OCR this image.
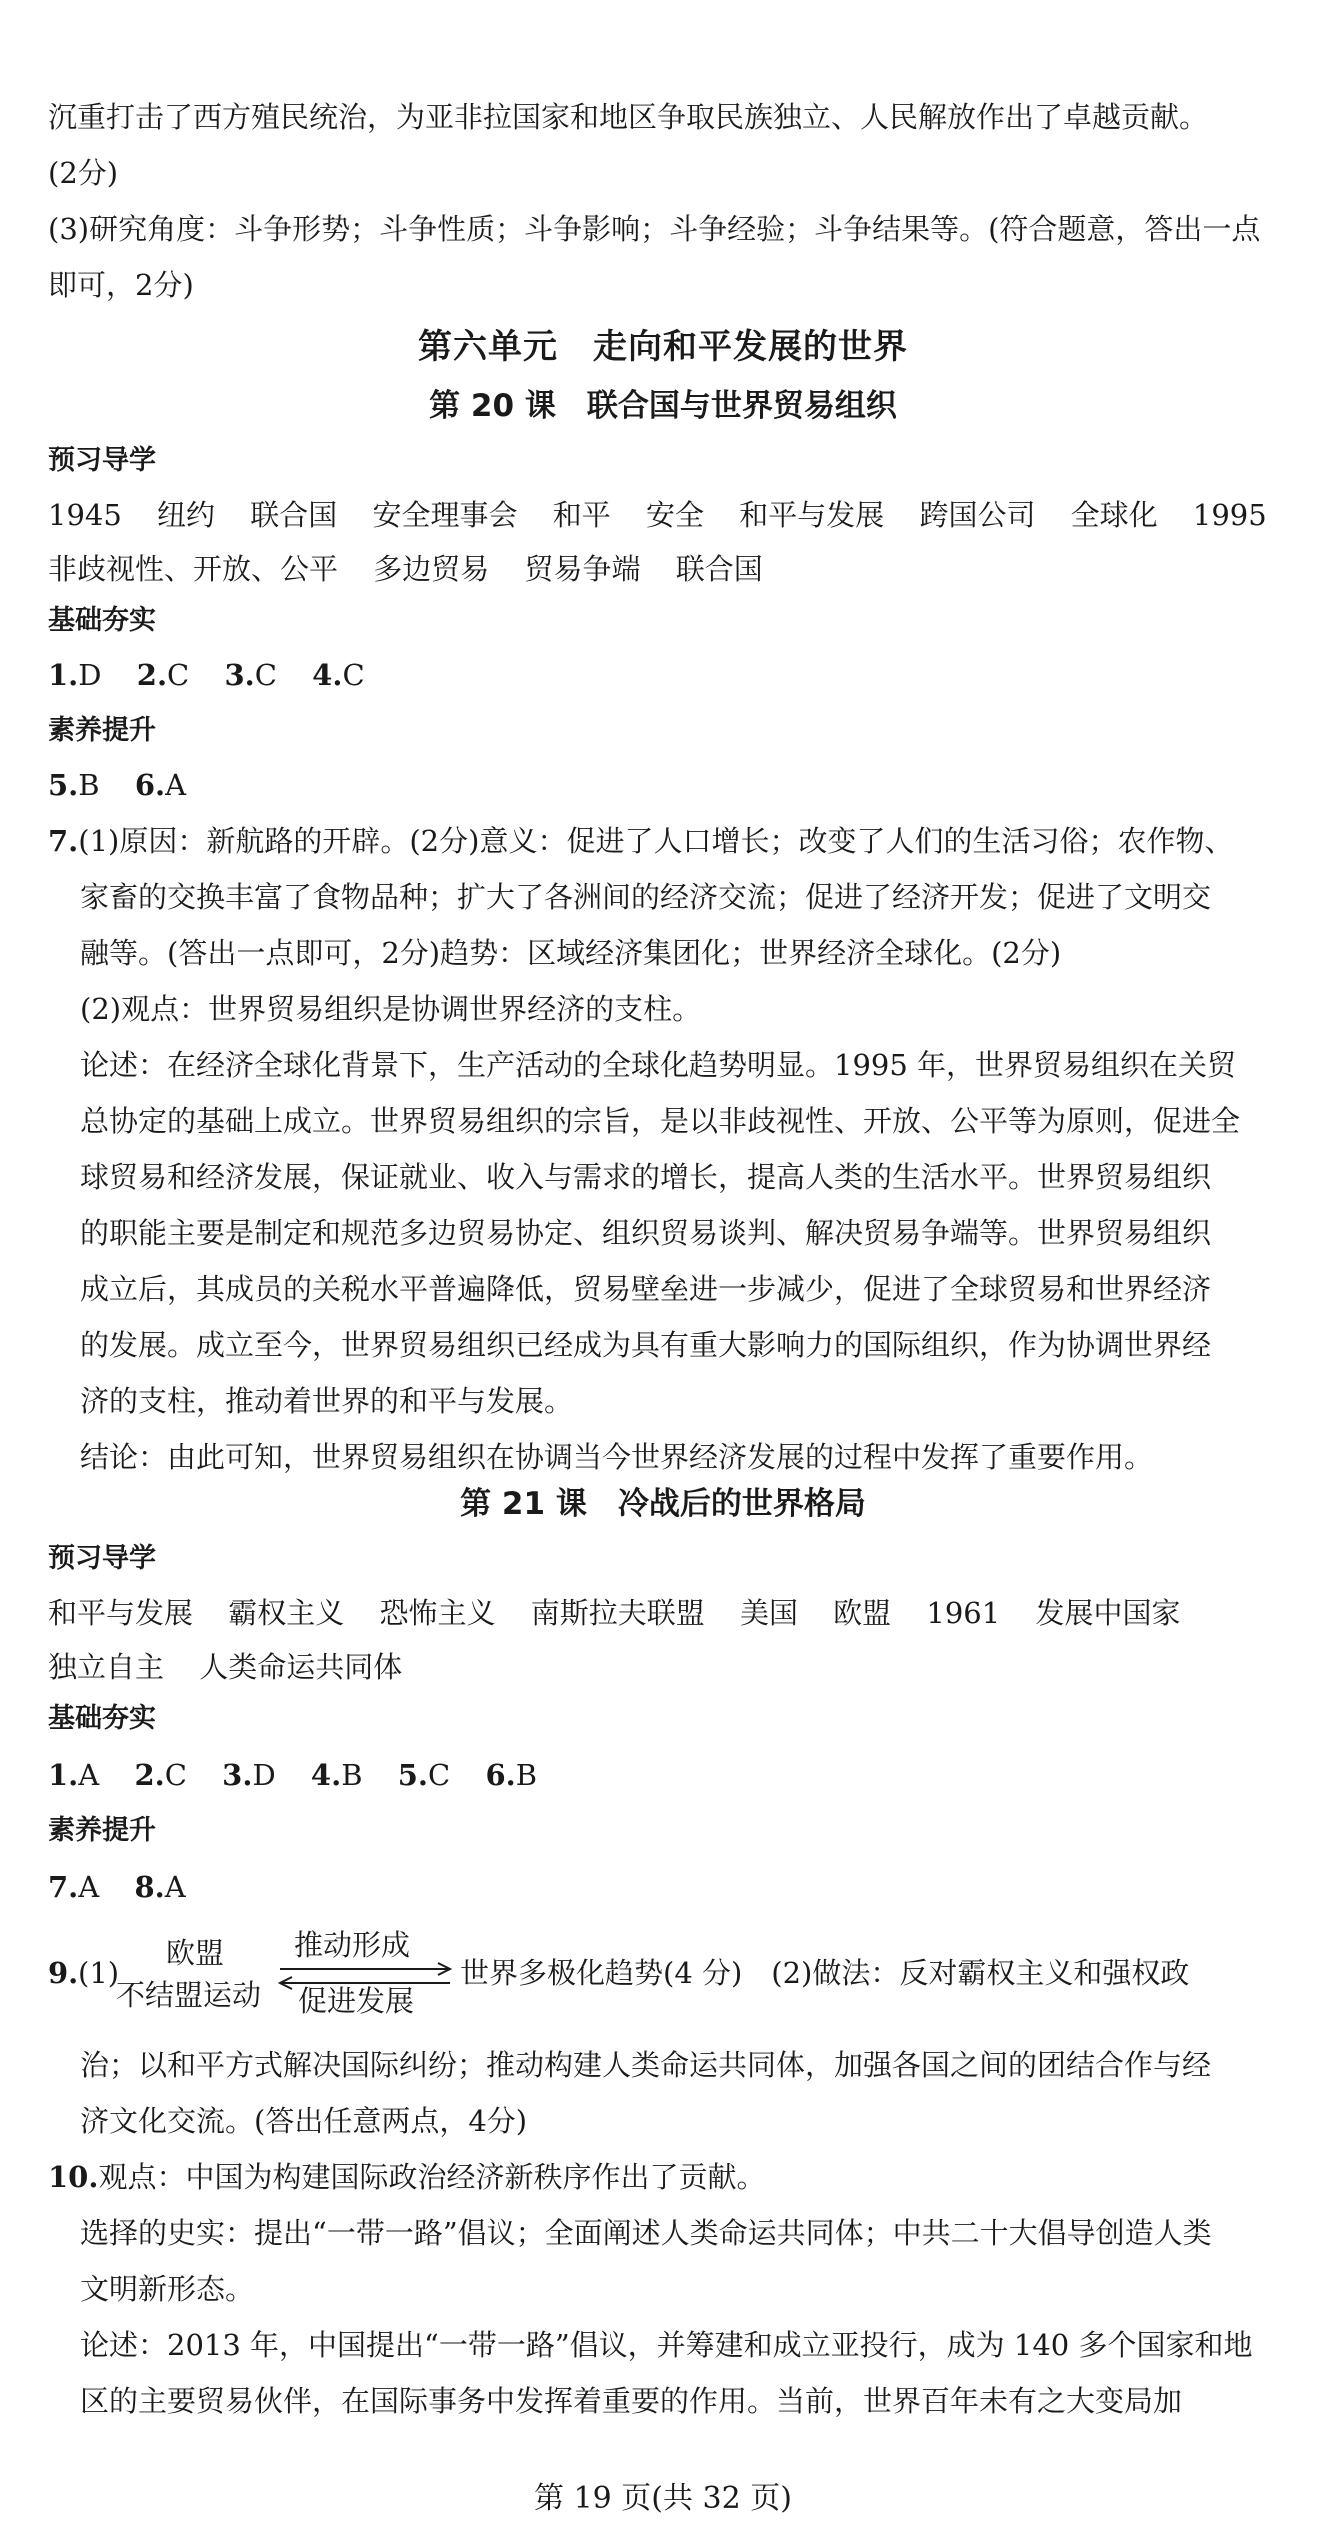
沉重打击了西方殖民统治，为亚非拉国家和地区争取民族独立、人民解放作出了卓越贡献。
(2分)
(3)研究角度：斗争形势；斗争性质；斗争影响；斗争经验；斗争结果等。(符合题意，答出一点
即可，2分)
第六单元　走向和平发展的世界
第 20 课　联合国与世界贸易组织
预习导学
1945 纽约 联合国 安全理事会 和平 安全 和平与发展 跨国公司 全球化 1995
非歧视性、开放、公平 多边贸易 贸易争端 联合国
基础夯实
1.D 2.C 3.C 4.C
素养提升
5.B 6.A
7.(1)原因：新航路的开辟。(2分)意义：促进了人口增长；改变了人们的生活习俗；农作物、
家畜的交换丰富了食物品种；扩大了各洲间的经济交流；促进了经济开发；促进了文明交
融等。(答出一点即可，2分)趋势：区域经济集团化；世界经济全球化。(2分)
(2)观点：世界贸易组织是协调世界经济的支柱。
论述：在经济全球化背景下，生产活动的全球化趋势明显。1995 年，世界贸易组织在关贸
总协定的基础上成立。世界贸易组织的宗旨，是以非歧视性、开放、公平等为原则，促进全
球贸易和经济发展，保证就业、收入与需求的增长，提高人类的生活水平。世界贸易组织
的职能主要是制定和规范多边贸易协定、组织贸易谈判、解决贸易争端等。世界贸易组织
成立后，其成员的关税水平普遍降低，贸易壁垒进一步减少，促进了全球贸易和世界经济
的发展。成立至今，世界贸易组织已经成为具有重大影响力的国际组织，作为协调世界经
济的支柱，推动着世界的和平与发展。
结论：由此可知，世界贸易组织在协调当今世界经济发展的过程中发挥了重要作用。
第 21 课　冷战后的世界格局
预习导学
和平与发展 霸权主义 恐怖主义 南斯拉夫联盟 美国 欧盟 1961 发展中国家
独立自主 人类命运共同体
基础夯实
1.A 2.C 3.D 4.B 5.C 6.B
素养提升
7.A 8.A
9. (1)
欧盟
不结盟运动
推动形成
促进发展
世界多极化趋势(4 分)　(2)做法：反对霸权主义和强权政
治；以和平方式解决国际纠纷；推动构建人类命运共同体，加强各国之间的团结合作与经
济文化交流。(答出任意两点，4分)
10.观点：中国为构建国际政治经济新秩序作出了贡献。
选择的史实：提出“一带一路”倡议；全面阐述人类命运共同体；中共二十大倡导创造人类
文明新形态。
论述：2013 年，中国提出“一带一路”倡议，并筹建和成立亚投行，成为 140 多个国家和地
区的主要贸易伙伴，在国际事务中发挥着重要的作用。当前，世界百年未有之大变局加
第 19 页(共 32 页)
